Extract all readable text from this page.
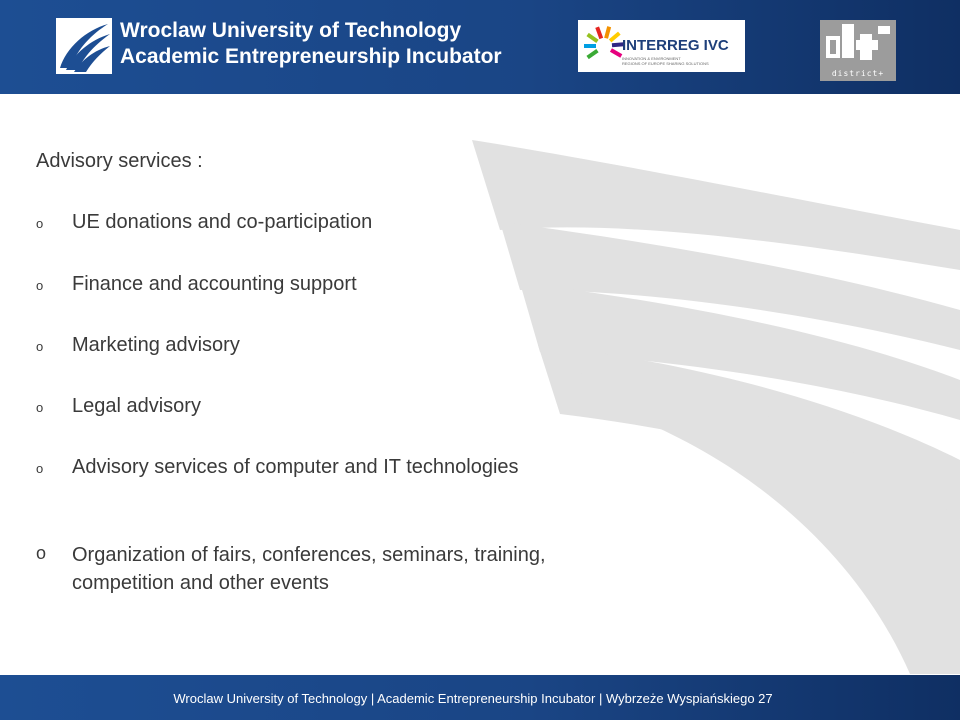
Wroclaw University of Technology
Academic Entrepreneurship Incubator	INTERREG IVC
INNOVATION & ENVIRONMENT
REGIONS OF EUROPE SHARING SOLUTIONS
district+
Advisory services :
o UE donations and co-participation
o Finance and accounting support
o Marketing advisory
o Legal advisory
o Advisory services of computer and IT technologies
o Organization of fairs, conferences, seminars, training, competition and other events
Wroclaw University of Technology | Academic Entrepreneurship Incubator | Wybrzeże Wyspiańskiego 27
